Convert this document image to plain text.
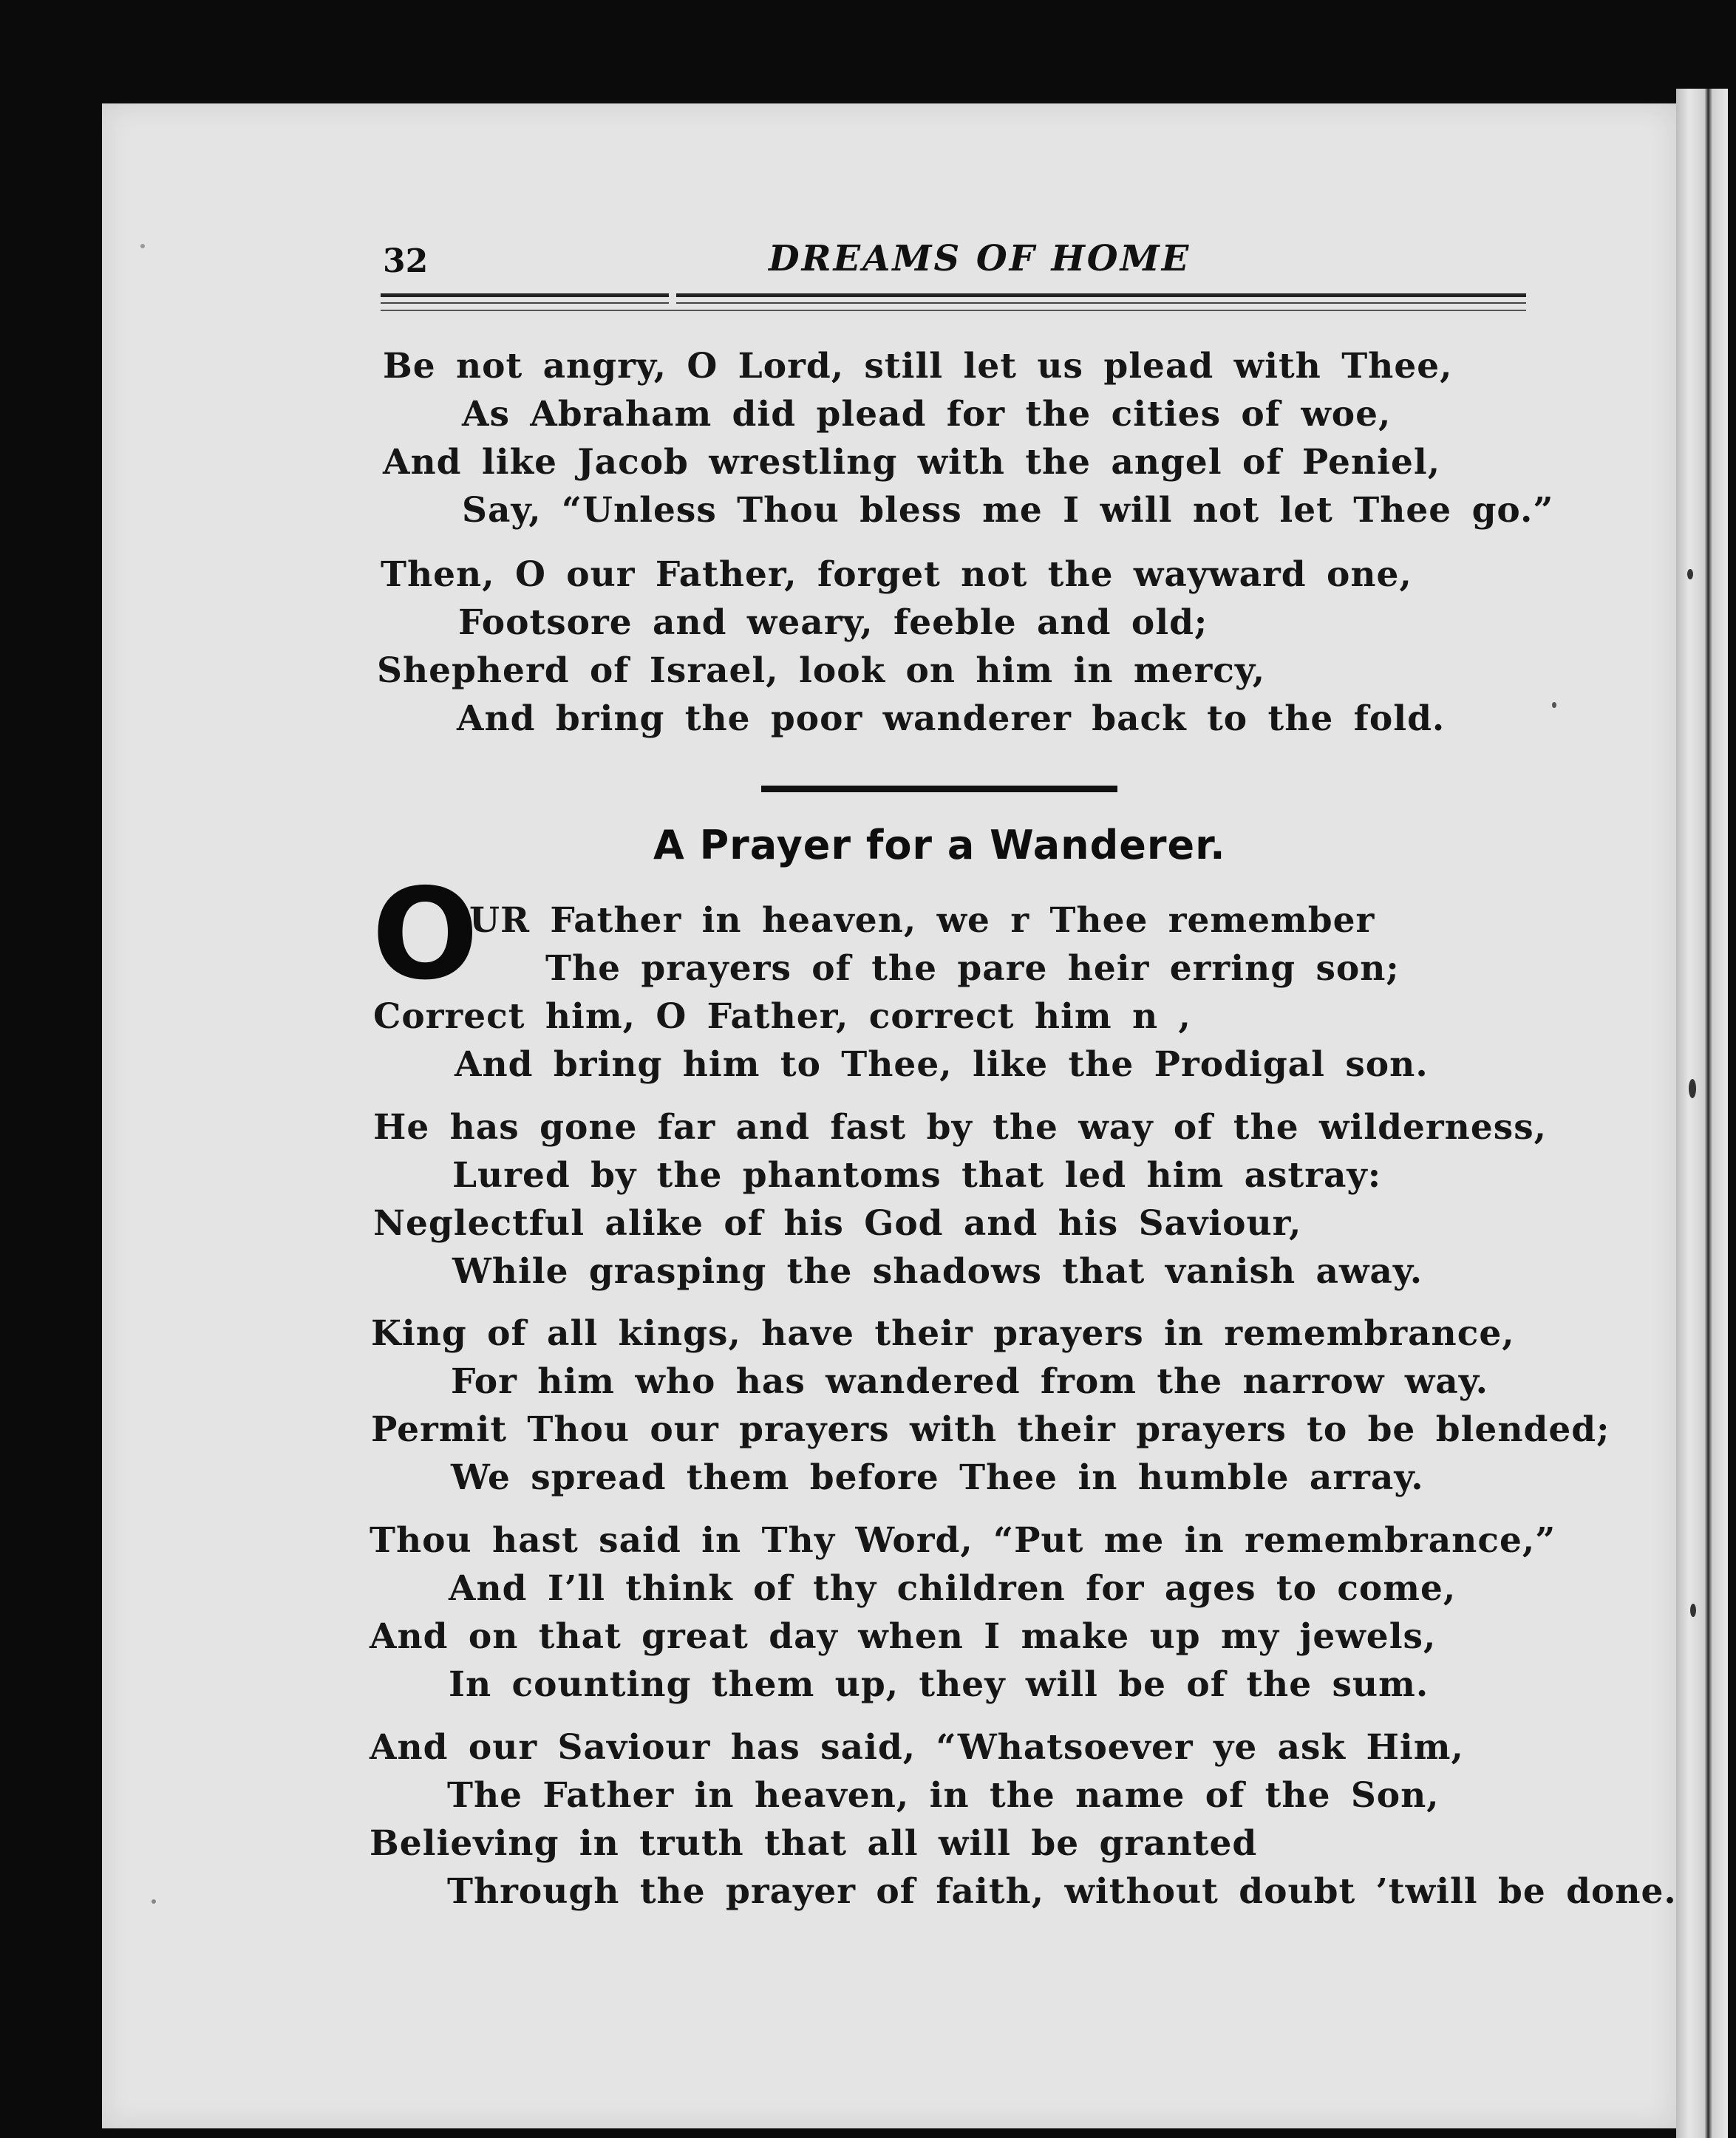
32	DREAMS OF HOME
Be not angry, O Lord, still let us plead with Thee,
As Abraham did plead for the cities of woe,
And like Jacob wrestling with the angel of Peniel,
Say, “Unless Thou bless me I will not let Thee go.”
Then, O our Father, forget not the wayward one,
Footsore and weary, feeble and old;
Shepherd of Israel, look on him in mercy,
And bring the poor wanderer back to the fold.
A Prayer for a Wanderer.
O
UR Father in heaven, we r Thee remember
The prayers of the pare heir erring son;
Correct him, O Father, correct him n ,
And bring him to Thee, like the Prodigal son.
He has gone far and fast by the way of the wilderness,
Lured by the phantoms that led him astray:
Neglectful alike of his God and his Saviour,
While grasping the shadows that vanish away.
King of all kings, have their prayers in remembrance,
For him who has wandered from the narrow way.
Permit Thou our prayers with their prayers to be blended;
We spread them before Thee in humble array.
Thou hast said in Thy Word, “Put me in remembrance,”
And I’ll think of thy children for ages to come,
And on that great day when I make up my jewels,
In counting them up, they will be of the sum.
And our Saviour has said, “Whatsoever ye ask Him,
The Father in heaven, in the name of the Son,
Believing in truth that all will be granted
Through the prayer of faith, without doubt ’twill be done.
